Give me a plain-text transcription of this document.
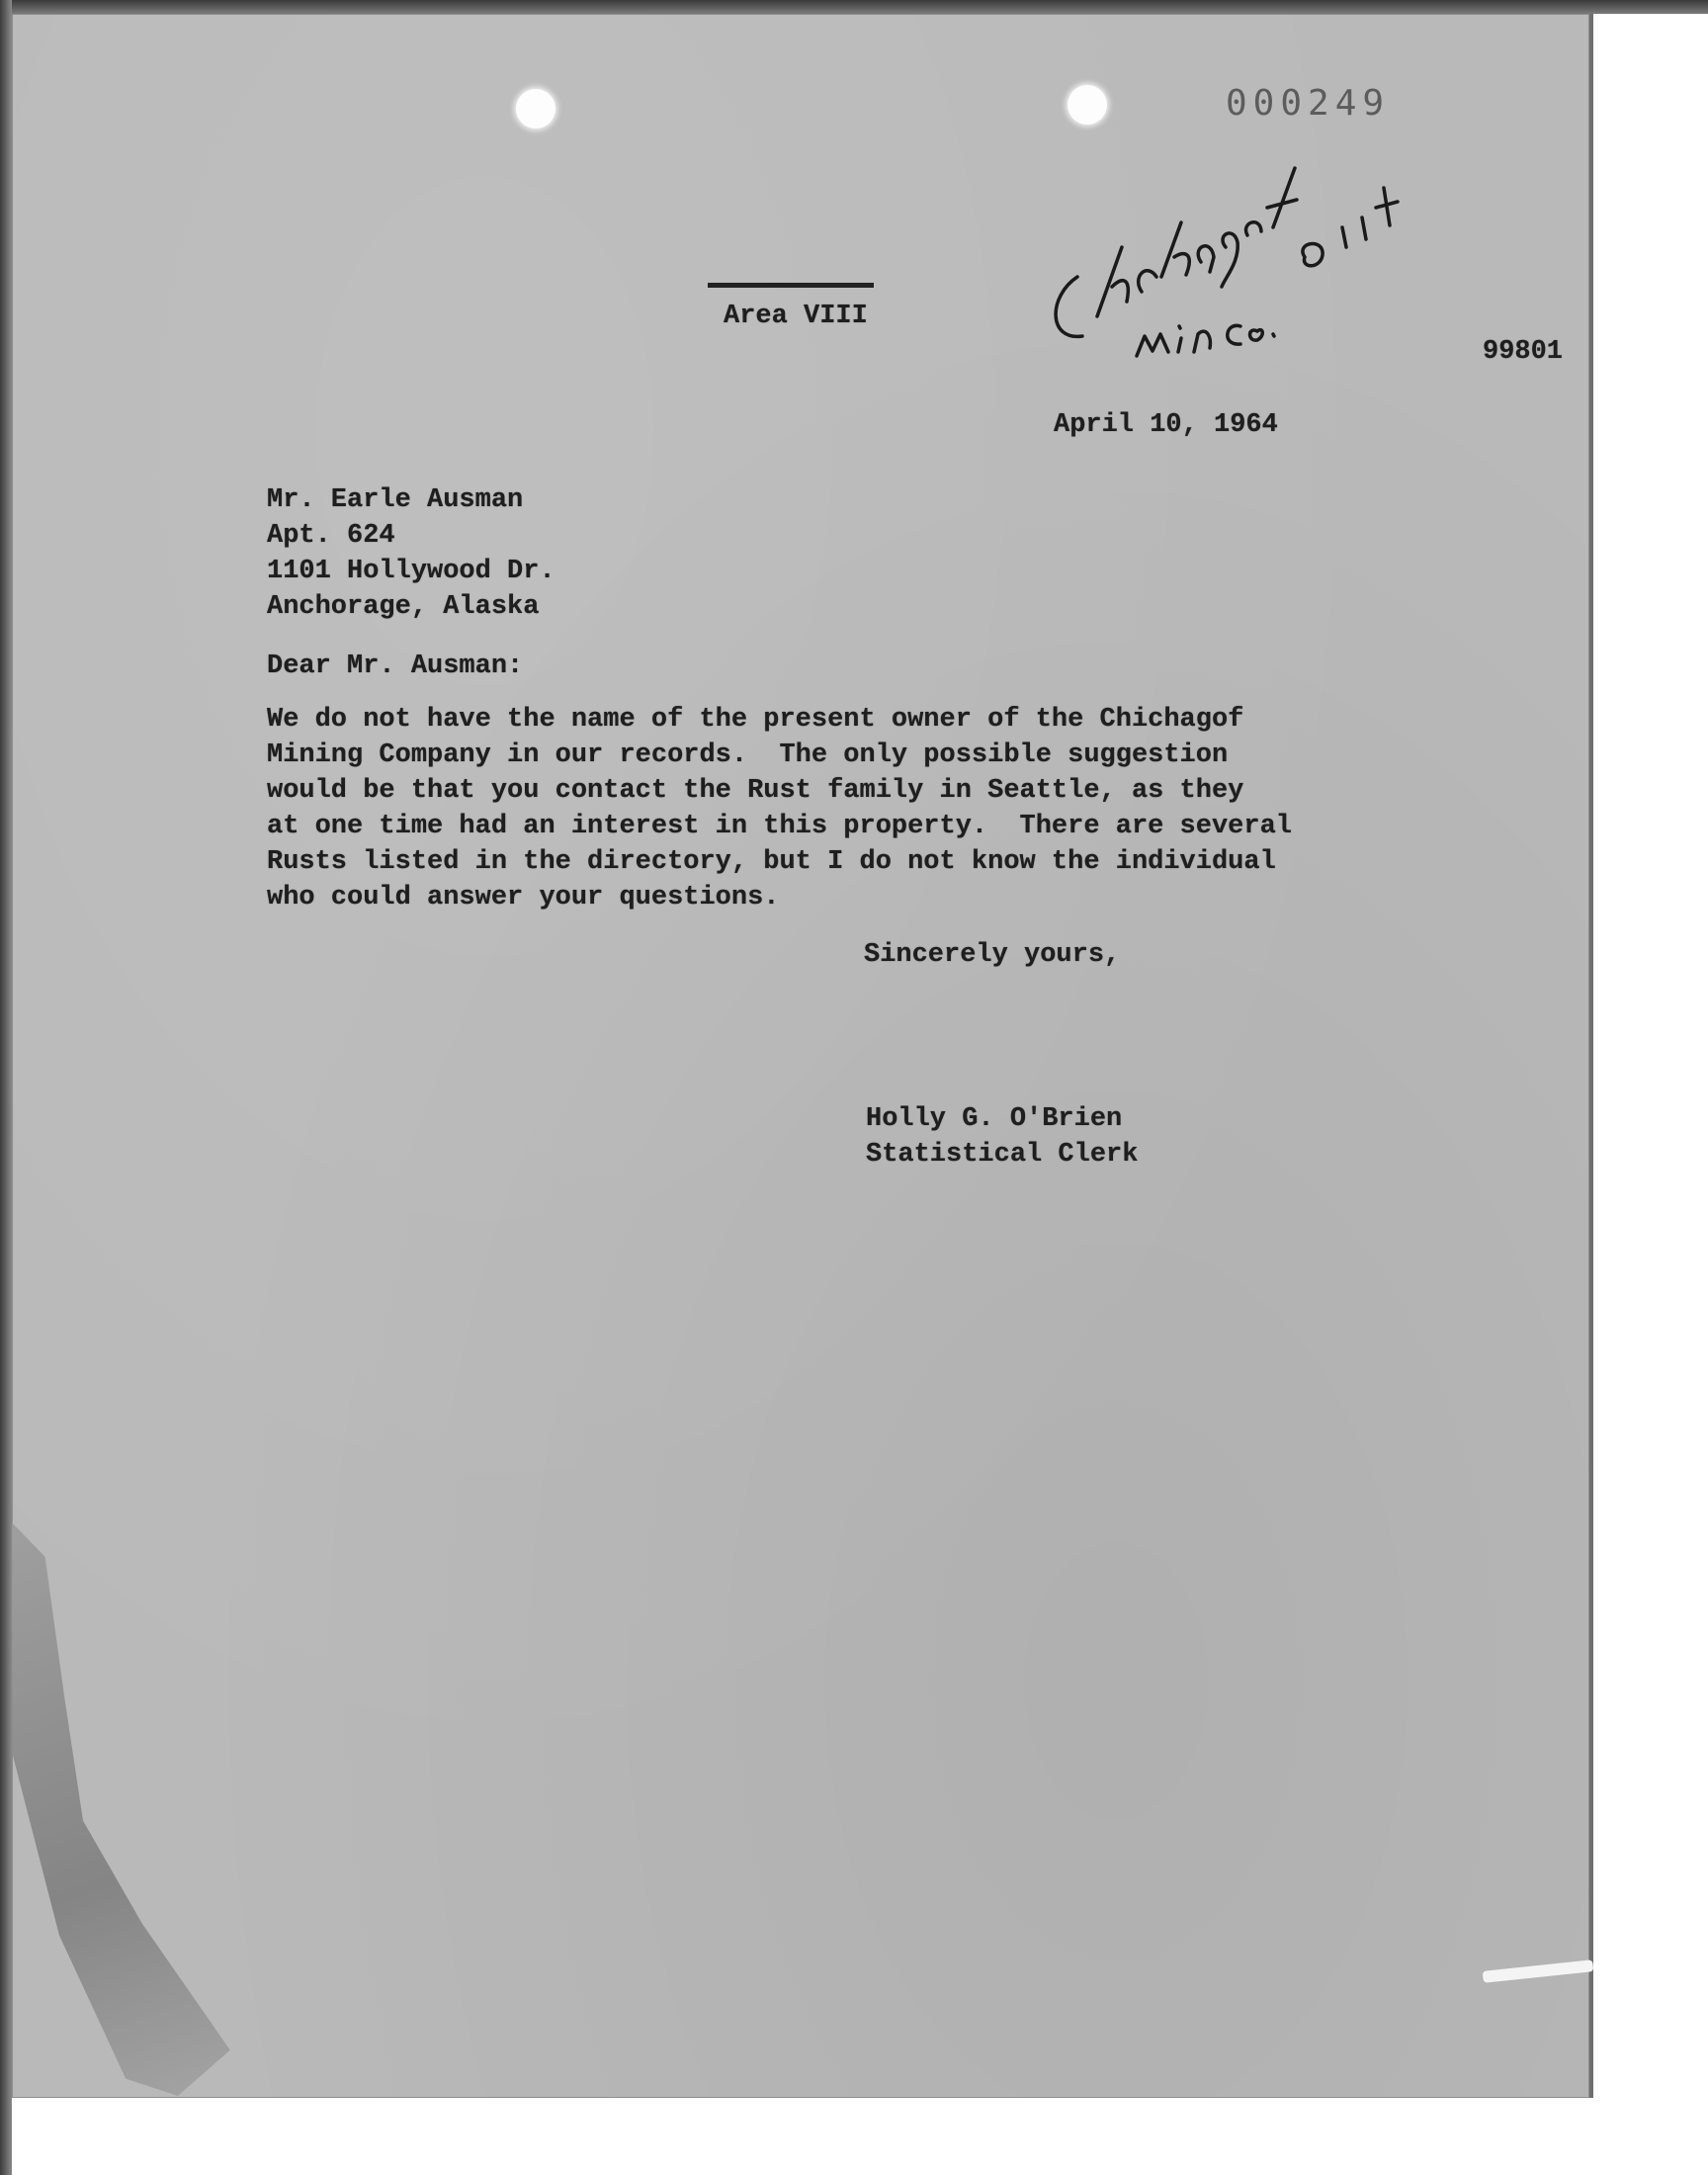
000249
Area VIII
99801
April 10, 1964
Mr. Earle Ausman
Apt. 624
1101 Hollywood Dr.
Anchorage, Alaska
Dear Mr. Ausman:
We do not have the name of the present owner of the Chichagof
Mining Company in our records.  The only possible suggestion
would be that you contact the Rust family in Seattle, as they
at one time had an interest in this property.  There are several
Rusts listed in the directory, but I do not know the individual
who could answer your questions.
Sincerely yours,
Holly G. O'Brien
Statistical Clerk
